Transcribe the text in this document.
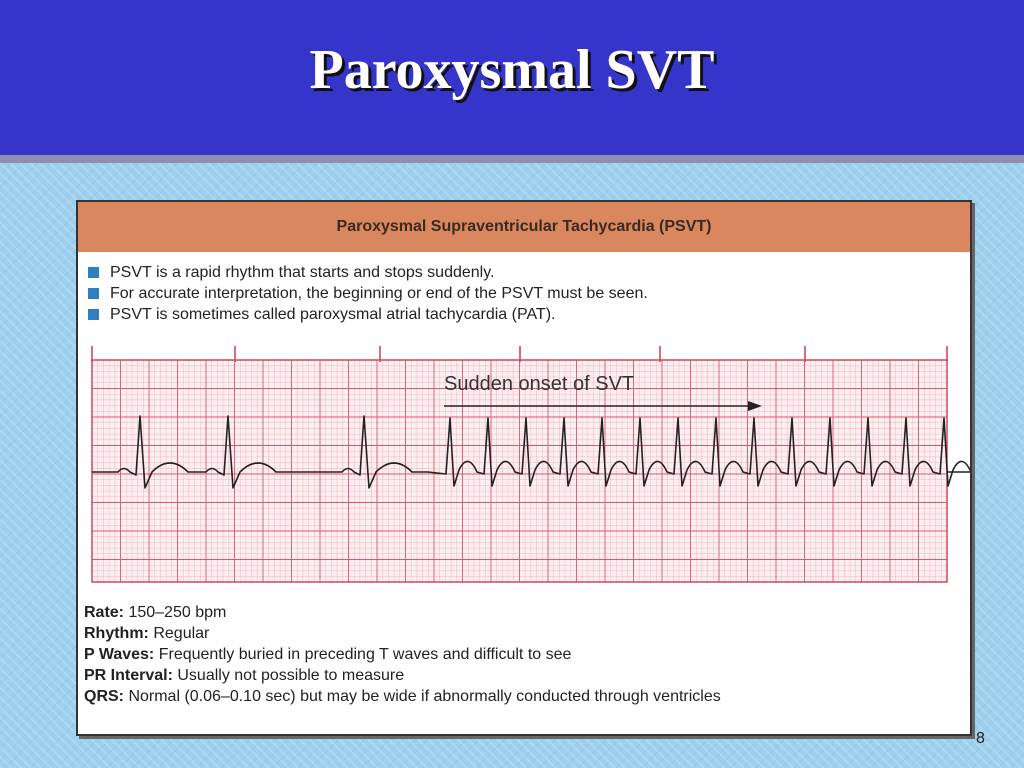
Paroxysmal SVT
Paroxysmal Supraventricular Tachycardia (PSVT)
PSVT is a rapid rhythm that starts and stops suddenly.
For accurate interpretation, the beginning or end of the PSVT must be seen.
PSVT is sometimes called paroxysmal atrial tachycardia (PAT).
Sudden onset of SVT
Rate: 150–250 bpm
Rhythm: Regular
P Waves: Frequently buried in preceding T waves and difficult to see
PR Interval: Usually not possible to measure
QRS: Normal (0.06–0.10 sec) but may be wide if abnormally conducted through ventricles
8
